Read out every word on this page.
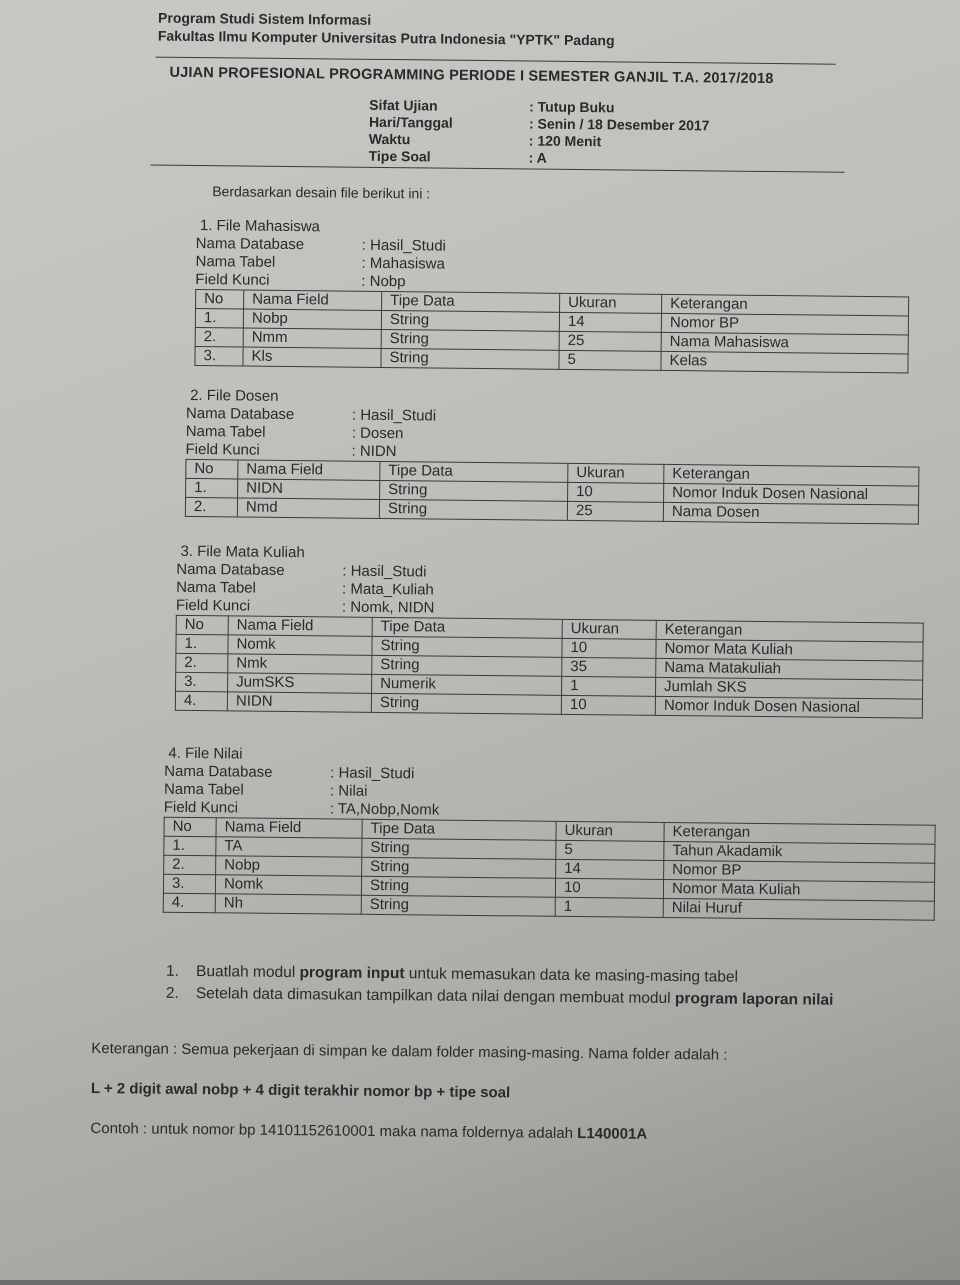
Program Studi Sistem Informasi
Fakultas Ilmu Komputer Universitas Putra Indonesia "YPTK" Padang
UJIAN PROFESIONAL PROGRAMMING PERIODE I SEMESTER GANJIL T.A. 2017/2018
Sifat Ujian	: Tutup Buku
Hari/Tanggal	: Senin / 18 Desember 2017
Waktu	: 120 Menit
Tipe Soal	: A
Berdasarkan desain file berikut ini :
1. File Mahasiswa
Nama Database	: Hasil_Studi
Nama Tabel	: Mahasiswa
Field Kunci	: Nobp
No	Nama Field	Tipe Data	Ukuran	Keterangan
1.	Nobp	String	14	Nomor BP
2.	Nmm	String	25	Nama Mahasiswa
3.	Kls	String	5	Kelas
2. File Dosen
Nama Database	: Hasil_Studi
Nama Tabel	: Dosen
Field Kunci	: NIDN
No	Nama Field	Tipe Data	Ukuran	Keterangan
1.	NIDN	String	10	Nomor Induk Dosen Nasional
2.	Nmd	String	25	Nama Dosen
3. File Mata Kuliah
Nama Database	: Hasil_Studi
Nama Tabel	: Mata_Kuliah
Field Kunci	: Nomk, NIDN
No	Nama Field	Tipe Data	Ukuran	Keterangan
1.	Nomk	String	10	Nomor Mata Kuliah
2.	Nmk	String	35	Nama Matakuliah
3.	JumSKS	Numerik	1	Jumlah SKS
4.	NIDN	String	10	Nomor Induk Dosen Nasional
4. File Nilai
Nama Database	: Hasil_Studi
Nama Tabel	: Nilai
Field Kunci	: TA,Nobp,Nomk
No	Nama Field	Tipe Data	Ukuran	Keterangan
1.	TA	String	5	Tahun Akadamik
2.	Nobp	String	14	Nomor BP
3.	Nomk	String	10	Nomor Mata Kuliah
4.	Nh	String	1	Nilai Huruf
1.	Buatlah modul program input untuk memasukan data ke masing-masing tabel
2.	Setelah data dimasukan tampilkan data nilai dengan membuat modul program laporan nilai
Keterangan : Semua pekerjaan di simpan ke dalam folder masing-masing. Nama folder adalah :
L + 2 digit awal nobp + 4 digit terakhir nomor bp + tipe soal
Contoh : untuk nomor bp 14101152610001 maka nama foldernya adalah L140001A
